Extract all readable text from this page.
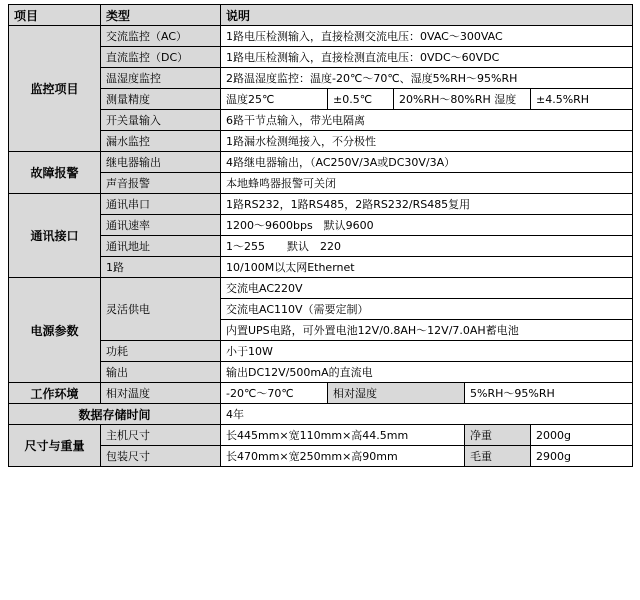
项目	类型	说明				
监控项目	交流监控（AC）	1路电压检测输入，直接检测交流电压：0VAC～300VAC				
	直流监控（DC）	1路电压检测输入，直接检测直流电压：0VDC～60VDC				
	温湿度监控	2路温湿度监控：温度-20℃～70℃、湿度5%RH～95%RH				
	测量精度	温度25℃	±0.5℃	20%RH～80%RH 湿度		±4.5%RH
	开关量输入	6路干节点输入，带光电隔离				
	漏水监控	1路漏水检测绳接入，不分极性				
故障报警	继电器输出	4路继电器输出，（AC250V/3A或DC30V/3A）				
	声音报警	本地蜂鸣器报警可关闭				
通讯接口	通讯串口	1路RS232，1路RS485，2路RS232/RS485复用				
	通讯速率	1200～9600bps　默认9600				
	通讯地址	1～255　　默认　220				
	1路	10/100M以太网Ethernet				
电源参数	灵活供电	交流电AC220V				
		交流电AC110V（需要定制）				
		内置UPS电路，可外置电池12V/0.8AH～12V/7.0AH蓄电池				
	功耗	小于10W				
	输出	输出DC12V/500mA的直流电				
工作环境	相对温度	-20℃～70℃	相对湿度		5%RH～95%RH	
数据存储时间		4年				
尺寸与重量	主机尺寸	长445mm×宽110mm×高44.5mm			净重	2000g
	包装尺寸	长470mm×宽250mm×高90mm			毛重	2900g
